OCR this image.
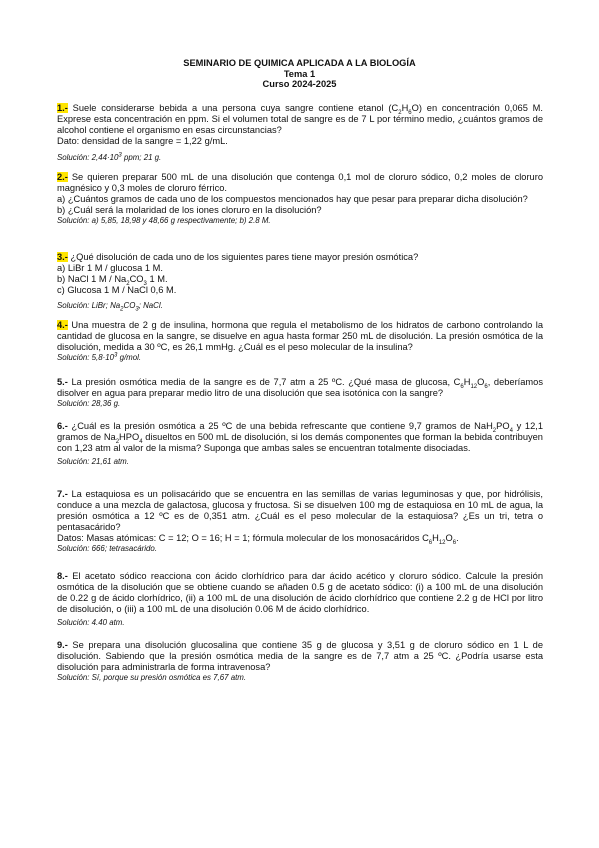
SEMINARIO DE QUIMICA APLICADA A LA BIOLOGÍA
Tema 1
Curso 2024-2025

1.- Suele considerarse bebida a una persona cuya sangre contiene etanol $(C_2H_6O)$ en concentración 0,065 M. Exprese esta concentración en ppm. Si el volumen total de sangre es de 7 L por término medio, ¿cuántos gramos de alcohol contiene el organismo en esas circunstancias?

Dato: densidad de la sangre = 1,22 g/mL.

Solución: $2,44\cdot 10^3$ ppm; 21 g.

2.- Se quieren preparar 500 mL de una disolución que contenga 0,1 mol de cloruro sódico, 0,2 moles de cloruro magnésico y 0,3 moles de cloruro férrico.

a) ¿Cuántos gramos de cada uno de los compuestos mencionados hay que pesar para preparar dicha disolución?

b) ¿Cuál será la molaridad de los iones cloruro en la disolución?

Solución: a) 5,85, 18,98 y 48,66 g respectivamente; b) 2.8 M.

3.- ¿Qué disolución de cada uno de los siguientes pares tiene mayor presión osmótica?

a) LiBr 1 M / glucosa 1 M.

b) NaCl 1 M / $Na_2CO_3$ 1 M.

c) Glucosa 1 M / NaCl 0,6 M.

Solución: LiBr; $Na_2CO_3$; NaCl.

4.- Una muestra de 2 g de insulina, hormona que regula el metabolismo de los hidratos de carbono controlando la cantidad de glucosa en la sangre, se disuelve en agua hasta formar 250 mL de disolución. La presión osmótica de la disolución, medida a 30 ºC, es 26,1 mmHg. ¿Cuál es el peso molecular de la insulina?

Solución: $5,8\cdot 10^3$ g/mol.

5.- La presión osmótica media de la sangre es de 7,7 atm a 25 ºC. ¿Qué masa de glucosa, $C_6H_{12}O_6$, deberíamos disolver en agua para preparar medio litro de una disolución que sea isotónica con la sangre?

Solución: 28,36 g.

6.- ¿Cuál es la presión osmótica a 25 ºC de una bebida refrescante que contiene 9,7 gramos de $NaH_2PO_4$ y 12,1 gramos de $Na_2HPO_4$ disueltos en 500 mL de disolución, si los demás componentes que forman la bebida contribuyen con 1,23 atm al valor de la misma? Suponga que ambas sales se encuentran totalmente disociadas.

Solución: 21,61 atm.

7.- La estaquiosa es un polisacárido que se encuentra en las semillas de varias leguminosas y que, por hidrólisis, conduce a una mezcla de galactosa, glucosa y fructosa. Si se disuelven 100 mg de estaquiosa en 10 mL de agua, la presión osmótica a 12 ºC es de 0,351 atm. ¿Cuál es el peso molecular de la estaquiosa? ¿Es un tri, tetra o pentasacárido?

Datos: Masas atómicas: C = 12; O = 16; H = 1; fórmula molecular de los monosacáridos $C_6H_{12}O_6$.

Solución: 666; tetrasacárido.

8.- El acetato sódico reacciona con ácido clorhídrico para dar ácido acético y cloruro sódico. Calcule la presión osmótica de la disolución que se obtiene cuando se añaden 0.5 g de acetato sódico: (i) a 100 mL de una disolución de 0.22 g de ácido clorhídrico, (ii) a 100 mL de una disolución de ácido clorhídrico que contiene 2.2 g de HCl por litro de disolución, o (iii) a 100 mL de una disolución 0.06 M de ácido clorhídrico.

Solución: 4.40 atm.

9.- Se prepara una disolución glucosalina que contiene 35 g de glucosa y 3,51 g de cloruro sódico en 1 L de disolución. Sabiendo que la presión osmótica media de la sangre es de 7,7 atm a 25 ºC. ¿Podría usarse esta disolución para administrarla de forma intravenosa?

Solución: Sí, porque su presión osmótica es 7,67 atm.
